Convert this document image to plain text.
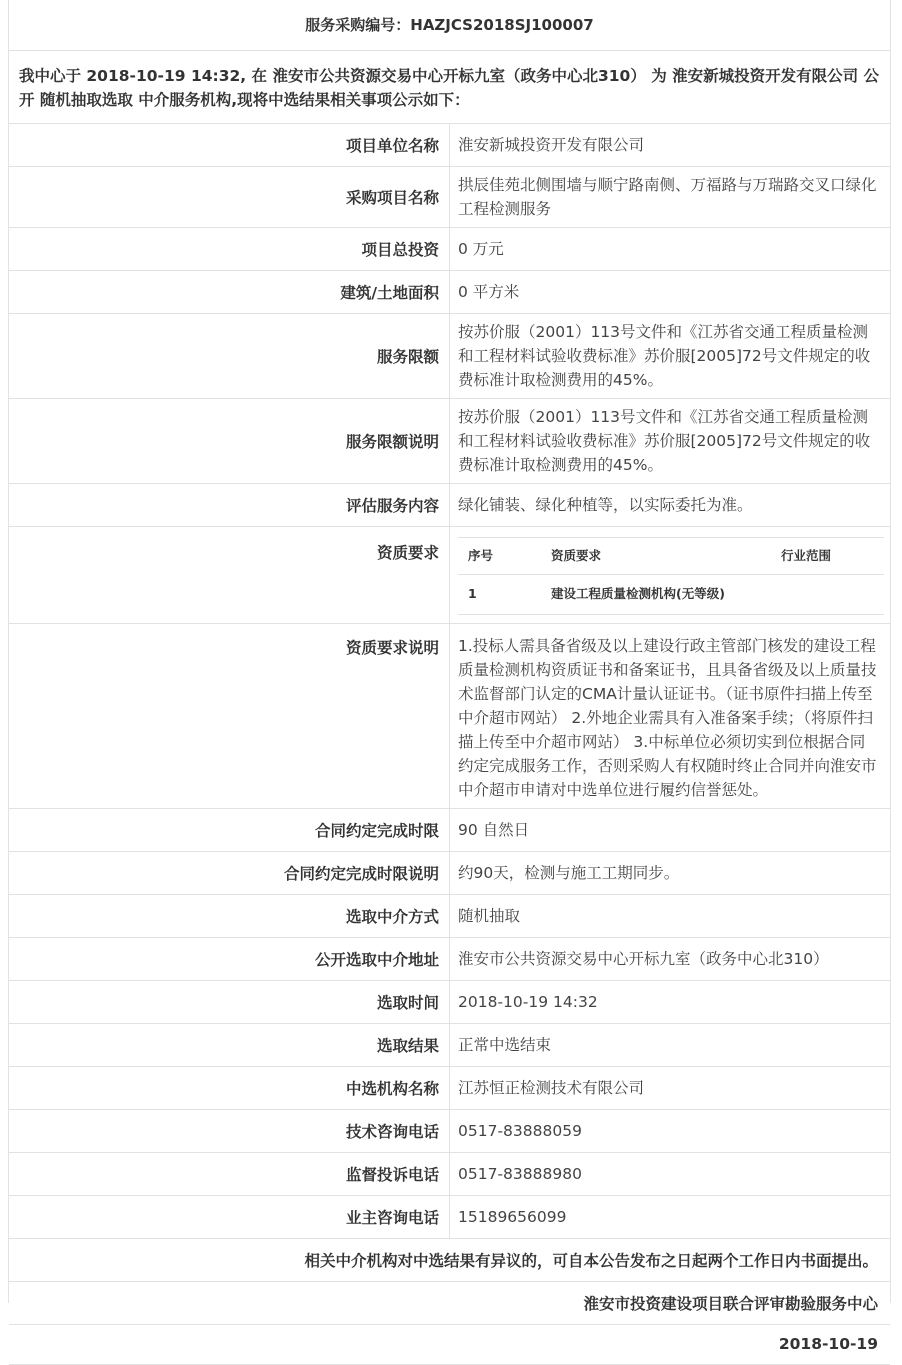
服务采购编号：HAZJCS2018SJ100007
我中心于 2018-10-19 14:32, 在 淮安市公共资源交易中心开标九室（政务中心北310） 为 淮安新城投资开发有限公司 公开 随机抽取选取 中介服务机构,现将中选结果相关事项公示如下：
项目单位名称	淮安新城投资开发有限公司
采购项目名称	拱辰佳苑北侧围墙与顺宁路南侧、万福路与万瑞路交叉口绿化工程检测服务
项目总投资	0 万元
建筑/土地面积	0 平方米
服务限额	按苏价服（2001）113号文件和《江苏省交通工程质量检测和工程材料试验收费标准》苏价服[2005]72号文件规定的收费标准计取检测费用的45%。
服务限额说明	按苏价服（2001）113号文件和《江苏省交通工程质量检测和工程材料试验收费标准》苏价服[2005]72号文件规定的收费标准计取检测费用的45%。
评估服务内容	绿化铺装、绿化种植等，以实际委托为准。
资质要求	序号	资质要求	行业范围
1	建设工程质量检测机构(无等级)	

资质要求说明	1.投标人需具备省级及以上建设行政主管部门核发的建设工程质量检测机构资质证书和备案证书，且具备省级及以上质量技术监督部门认定的CMA计量认证证书。（证书原件扫描上传至中介超市网站） 2.外地企业需具有入准备案手续；（将原件扫描上传至中介超市网站） 3.中标单位必须切实到位根据合同约定完成服务工作，否则采购人有权随时终止合同并向淮安市中介超市申请对中选单位进行履约信誉惩处。
合同约定完成时限	90 自然日
合同约定完成时限说明	约90天，检测与施工工期同步。
选取中介方式	随机抽取
公开选取中介地址	淮安市公共资源交易中心开标九室（政务中心北310）
选取时间	2018-10-19 14:32
选取结果	正常中选结束
中选机构名称	江苏恒正检测技术有限公司
技术咨询电话	0517-83888059
监督投诉电话	0517-83888980
业主咨询电话	15189656099
相关中介机构对中选结果有异议的，可自本公告发布之日起两个工作日内书面提出。
淮安市投资建设项目联合评审勘验服务中心
2018-10-19
